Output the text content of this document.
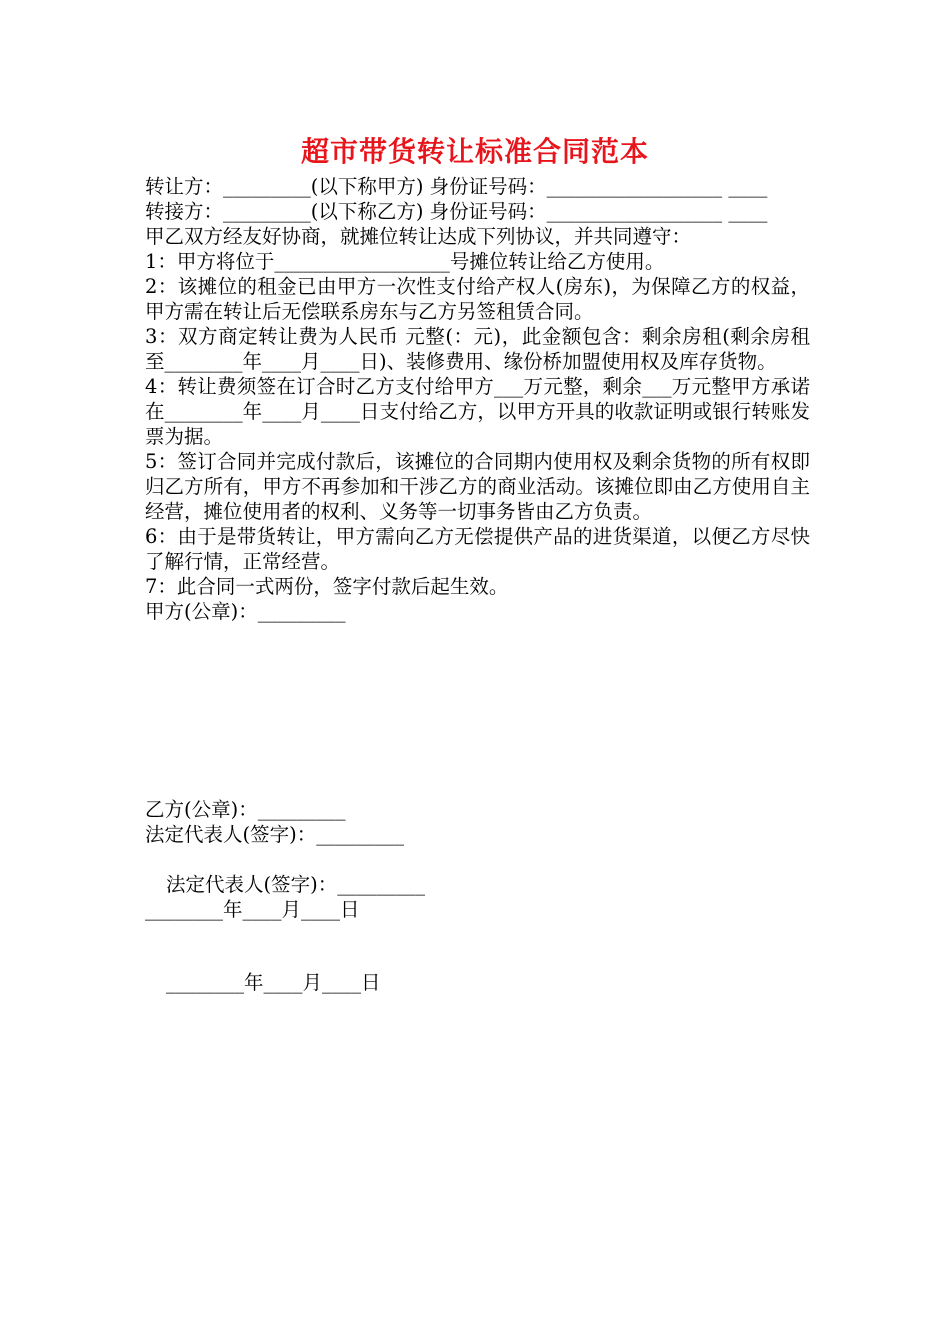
超市带货转让标准合同范本

转让方：_________(以下称甲方) 身份证号码：__________________ ____

转接方：_________(以下称乙方) 身份证号码：__________________ ____

甲乙双方经友好协商，就摊位转让达成下列协议，并共同遵守：

1：甲方将位于__________________号摊位转让给乙方使用。

2：该摊位的租金已由甲方一次性支付给产权人(房东)，为保障乙方的权益，甲方需在转让后无偿联系房东与乙方另签租赁合同。

3：双方商定转让费为人民币 元整(：元)，此金额包含：剩余房租(剩余房租至________年____月____日)、装修费用、缘份桥加盟使用权及库存货物。

4：转让费须签在订合时乙方支付给甲方___万元整，剩余___万元整甲方承诺在________年____月____日支付给乙方，以甲方开具的收款证明或银行转账发票为据。

5：签订合同并完成付款后，该摊位的合同期内使用权及剩余货物的所有权即归乙方所有，甲方不再参加和干涉乙方的商业活动。该摊位即由乙方使用自主经营，摊位使用者的权利、义务等一切事务皆由乙方负责。

6：由于是带货转让，甲方需向乙方无偿提供产品的进货渠道，以便乙方尽快了解行情，正常经营。

7：此合同一式两份，签字付款后起生效。

甲方(公章)：_________

乙方(公章)：_________
法定代表人(签字)：_________
法定代表人(签字)：_________
________年____月____日
________年____月____日
